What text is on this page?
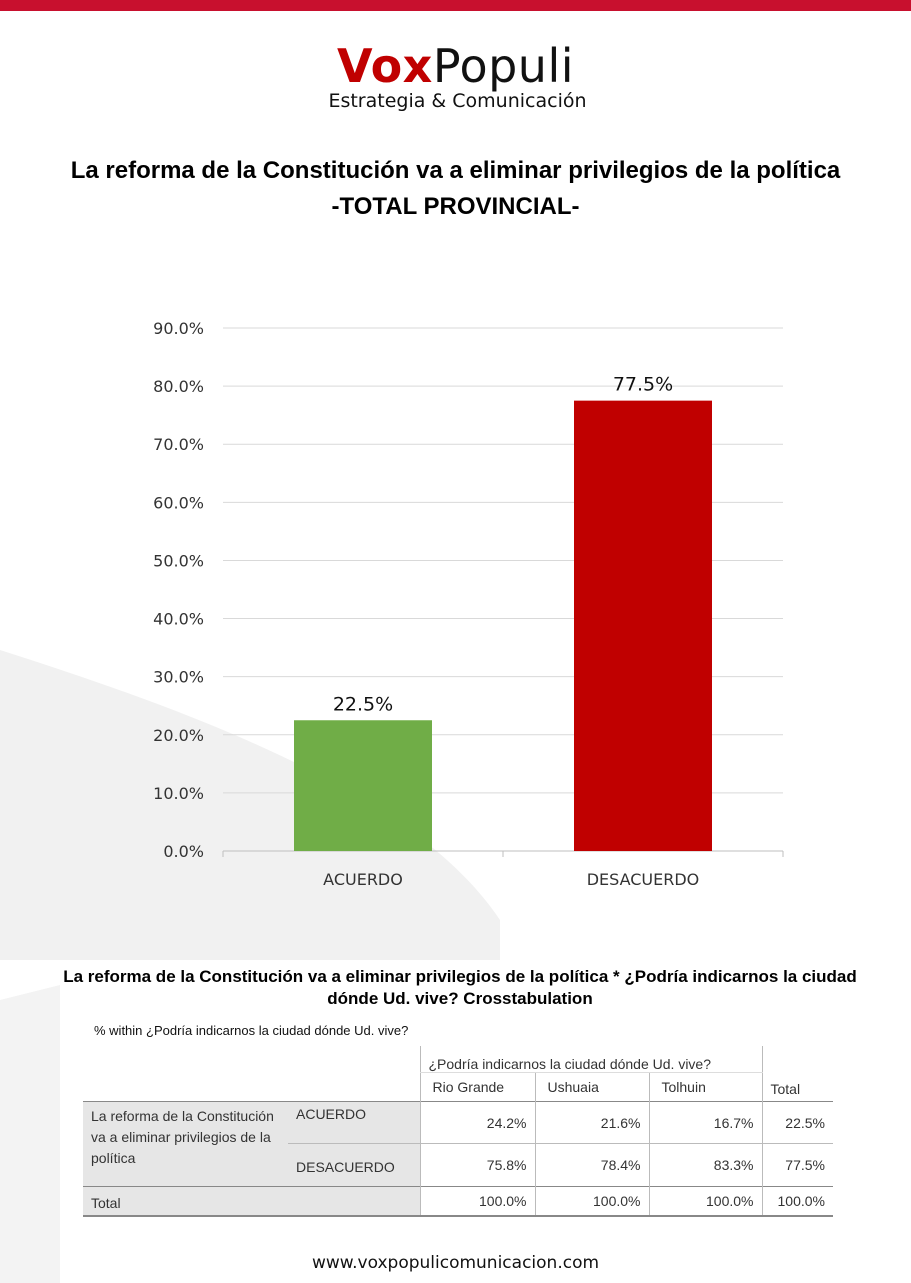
VoxPopuli
Estrategia & Comunicación
La reforma de la Constitución va a eliminar privilegios de la política
-TOTAL PROVINCIAL-
0.0%
10.0%
20.0%
30.0%
40.0%
50.0%
60.0%
70.0%
80.0%
90.0%
22.5%
ACUERDO
77.5%
DESACUERDO
La reforma de la Constitución va a eliminar privilegios de la política * ¿Podría indicarnos la ciudad dónde Ud. vive? Crosstabulation
% within ¿Podría indicarnos la ciudad dónde Ud. vive?
		¿Podría indicarnos la ciudad dónde Ud. vive?			Total
		Rio Grande	Ushuaia	Tolhuin	
La reforma de la Constitución va a eliminar privilegios de la política	ACUERDO	24.2%	21.6%	16.7%	22.5%
	DESACUERDO	75.8%	78.4%	83.3%	77.5%
Total		100.0%	100.0%	100.0%	100.0%
www.voxpopulicomunicacion.com
